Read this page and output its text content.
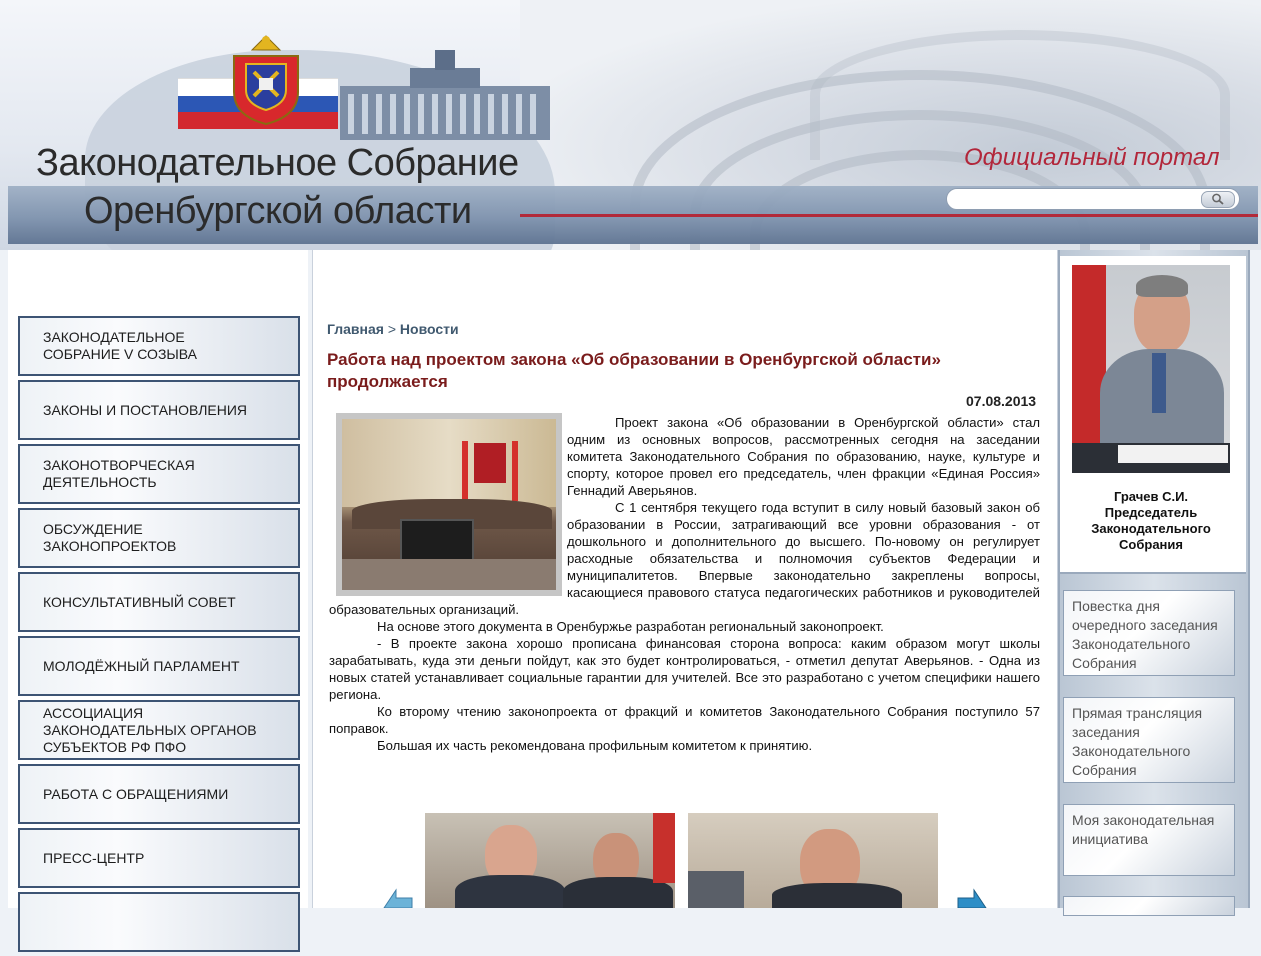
Законодательное Собрание
Оренбургской области
Официальный портал
ЗАКОНОДАТЕЛЬНОЕ СОБРАНИЕ V СОЗЫВА
ЗАКОНЫ И ПОСТАНОВЛЕНИЯ
ЗАКОНОТВОРЧЕСКАЯ ДЕЯТЕЛЬНОСТЬ
ОБСУЖДЕНИЕ ЗАКОНОПРОЕКТОВ
КОНСУЛЬТАТИВНЫЙ СОВЕТ
МОЛОДЁЖНЫЙ ПАРЛАМЕНТ
АССОЦИАЦИЯ ЗАКОНОДАТЕЛЬНЫХ ОРГАНОВ СУБЪЕКТОВ РФ ПФО
РАБОТА С ОБРАЩЕНИЯМИ
ПРЕСС-ЦЕНТР
Главная > Новости
Работа над проектом закона «Об образовании в Оренбургской области» продолжается
07.08.2013

Проект закона «Об образовании в Оренбургской области» стал одним из основных вопросов, рассмотренных сегодня на заседании комитета Законодательного Собрания по образованию, науке, культуре и спорту, которое провел его председатель, член фракции «Единая Россия» Геннадий Аверьянов.

С 1 сентября текущего года вступит в силу новый базовый закон об образовании в России, затрагивающий все уровни образования - от дошкольного и дополнительного до высшего. По-новому он регулирует расходные обязательства и полномочия субъектов Федерации и муниципалитетов. Впервые законодательно закреплены вопросы, касающиеся правового статуса педагогических работников и руководителей образовательных организаций.

На основе этого документа в Оренбуржье разработан региональный законопроект.

- В проекте закона хорошо прописана финансовая сторона вопроса: каким образом могут школы зарабатывать, куда эти деньги пойдут, как это будет контролироваться, - отметил депутат Аверьянов. - Одна из новых статей устанавливает социальные гарантии для учителей. Все это разработано с учетом специфики нашего региона.

Ко второму чтению законопроекта от фракций и комитетов Законодательного Собрания поступило 57 поправок.

Большая их часть рекомендована профильным комитетом к принятию.

Грачев С.И.
Председатель Законодательного Собрания
Повестка дня очередного заседания Законодательного Собрания
Прямая трансляция заседания Законодательного Собрания
Моя законодательная инициатива
